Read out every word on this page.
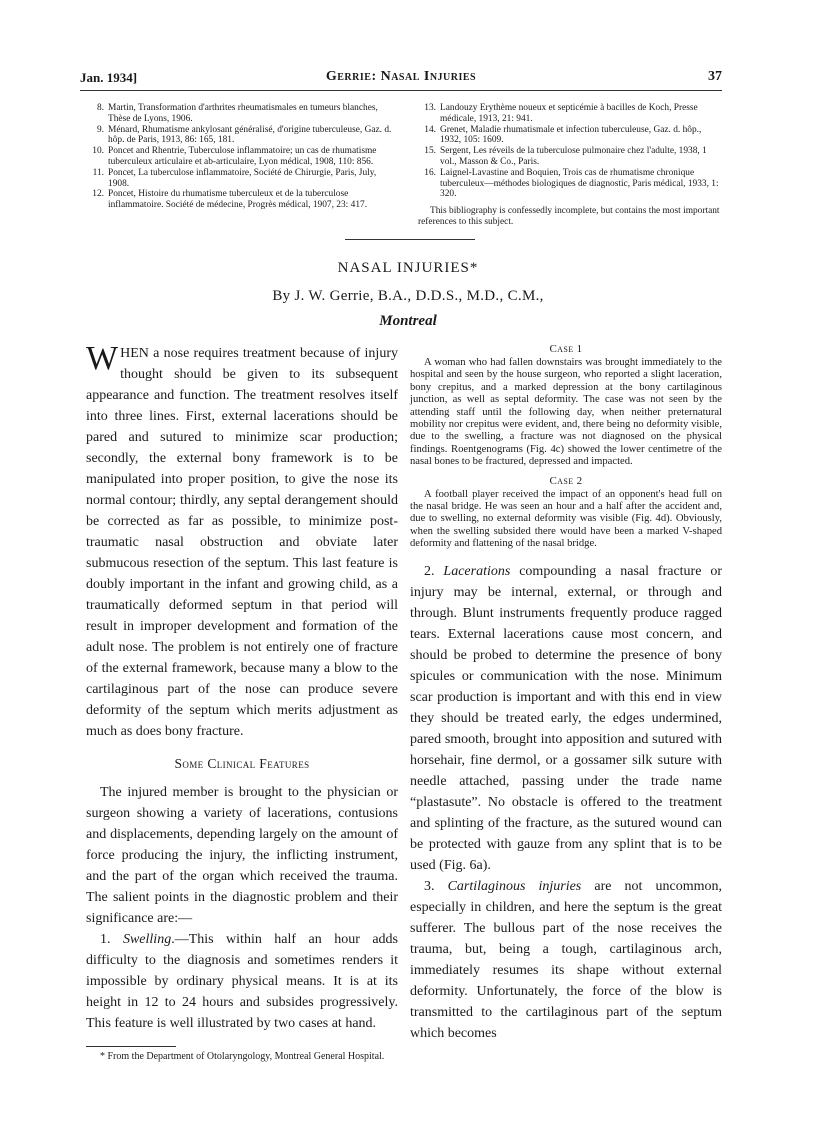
Jan. 1934]	Gerrie: Nasal Injuries	37
8. Martin, Transformation d'arthrites rheumatismales en tumeurs blanches, Thèse de Lyons, 1906.
9. Ménard, Rhumatisme ankylosant généralisé, d'origine tuberculeuse, Gaz. d. hôp. de Paris, 1913, 86: 165, 181.
10. Poncet and Rhentrie, Tuberculose inflammatoire; un cas de rhumatisme tuberculeux articulaire et ab-articulaire, Lyon médical, 1908, 110: 856.
11. Poncet, La tuberculose inflammatoire, Société de Chirurgie, Paris, July, 1908.
12. Poncet, Histoire du rhumatisme tuberculeux et de la tuberculose inflammatoire. Société de médecine, Progrès médical, 1907, 23: 417.
13. Landouzy Erythème noueux et septicémie à bacilles de Koch, Presse médicale, 1913, 21: 941.
14. Grenet, Maladie rhumatismale et infection tuberculeuse, Gaz. d. hôp., 1932, 105: 1609.
15. Sergent, Les réveils de la tuberculose pulmonaire chez l'adulte, 1938, 1 vol., Masson & Co., Paris.
16. Laignel-Lavastine and Boquien, Trois cas de rhumatisme chronique tuberculeux—méthodes biologiques de diagnostic, Paris médical, 1933, 1: 320.

This bibliography is confessedly incomplete, but contains the most important references to this subject.

NASAL INJURIES*
By J. W. Gerrie, B.A., D.D.S., M.D., C.M.,
Montreal

WHEN a nose requires treatment because of injury thought should be given to its subsequent appearance and function. The treatment resolves itself into three lines. First, external lacerations should be pared and sutured to minimize scar production; secondly, the external bony framework is to be manipulated into proper position, to give the nose its normal contour; thirdly, any septal derangement should be corrected as far as possible, to minimize post-traumatic nasal obstruction and obviate later submucous resection of the septum. This last feature is doubly important in the infant and growing child, as a traumatically deformed septum in that period will result in improper development and formation of the adult nose. The problem is not entirely one of fracture of the external framework, because many a blow to the cartilaginous part of the nose can produce severe deformity of the septum which merits adjustment as much as does bony fracture.

Some Clinical Features

The injured member is brought to the physician or surgeon showing a variety of lacerations, contusions and displacements, depending largely on the amount of force producing the injury, the inflicting instrument, and the part of the organ which received the trauma. The salient points in the diagnostic problem and their significance are:—

1. Swelling.—This within half an hour adds difficulty to the diagnosis and sometimes renders it impossible by ordinary physical means. It is at its height in 12 to 24 hours and subsides progressively. This feature is well illustrated by two cases at hand.

* From the Department of Otolaryngology, Montreal General Hospital.

Case 1

A woman who had fallen downstairs was brought immediately to the hospital and seen by the house surgeon, who reported a slight laceration, bony crepitus, and a marked depression at the bony cartilaginous junction, as well as septal deformity. The case was not seen by the attending staff until the following day, when neither preternatural mobility nor crepitus were evident, and, there being no deformity visible, due to the swelling, a fracture was not diagnosed on the physical findings. Roentgenograms (Fig. 4c) showed the lower centimetre of the nasal bones to be fractured, depressed and impacted.

Case 2

A football player received the impact of an opponent's head full on the nasal bridge. He was seen an hour and a half after the accident and, due to swelling, no external deformity was visible (Fig. 4d). Obviously, when the swelling subsided there would have been a marked V-shaped deformity and flattening of the nasal bridge.

2. Lacerations compounding a nasal fracture or injury may be internal, external, or through and through. Blunt instruments frequently produce ragged tears. External lacerations cause most concern, and should be probed to determine the presence of bony spicules or communication with the nose. Minimum scar production is important and with this end in view they should be treated early, the edges undermined, pared smooth, brought into apposition and sutured with horsehair, fine dermol, or a gossamer silk suture with needle attached, passing under the trade name “plastasute”. No obstacle is offered to the treatment and splinting of the fracture, as the sutured wound can be protected with gauze from any splint that is to be used (Fig. 6a).

3. Cartilaginous injuries are not uncommon, especially in children, and here the septum is the great sufferer. The bullous part of the nose receives the trauma, but, being a tough, cartilaginous arch, immediately resumes its shape without external deformity. Unfortunately, the force of the blow is transmitted to the cartilaginous part of the septum which becomes
